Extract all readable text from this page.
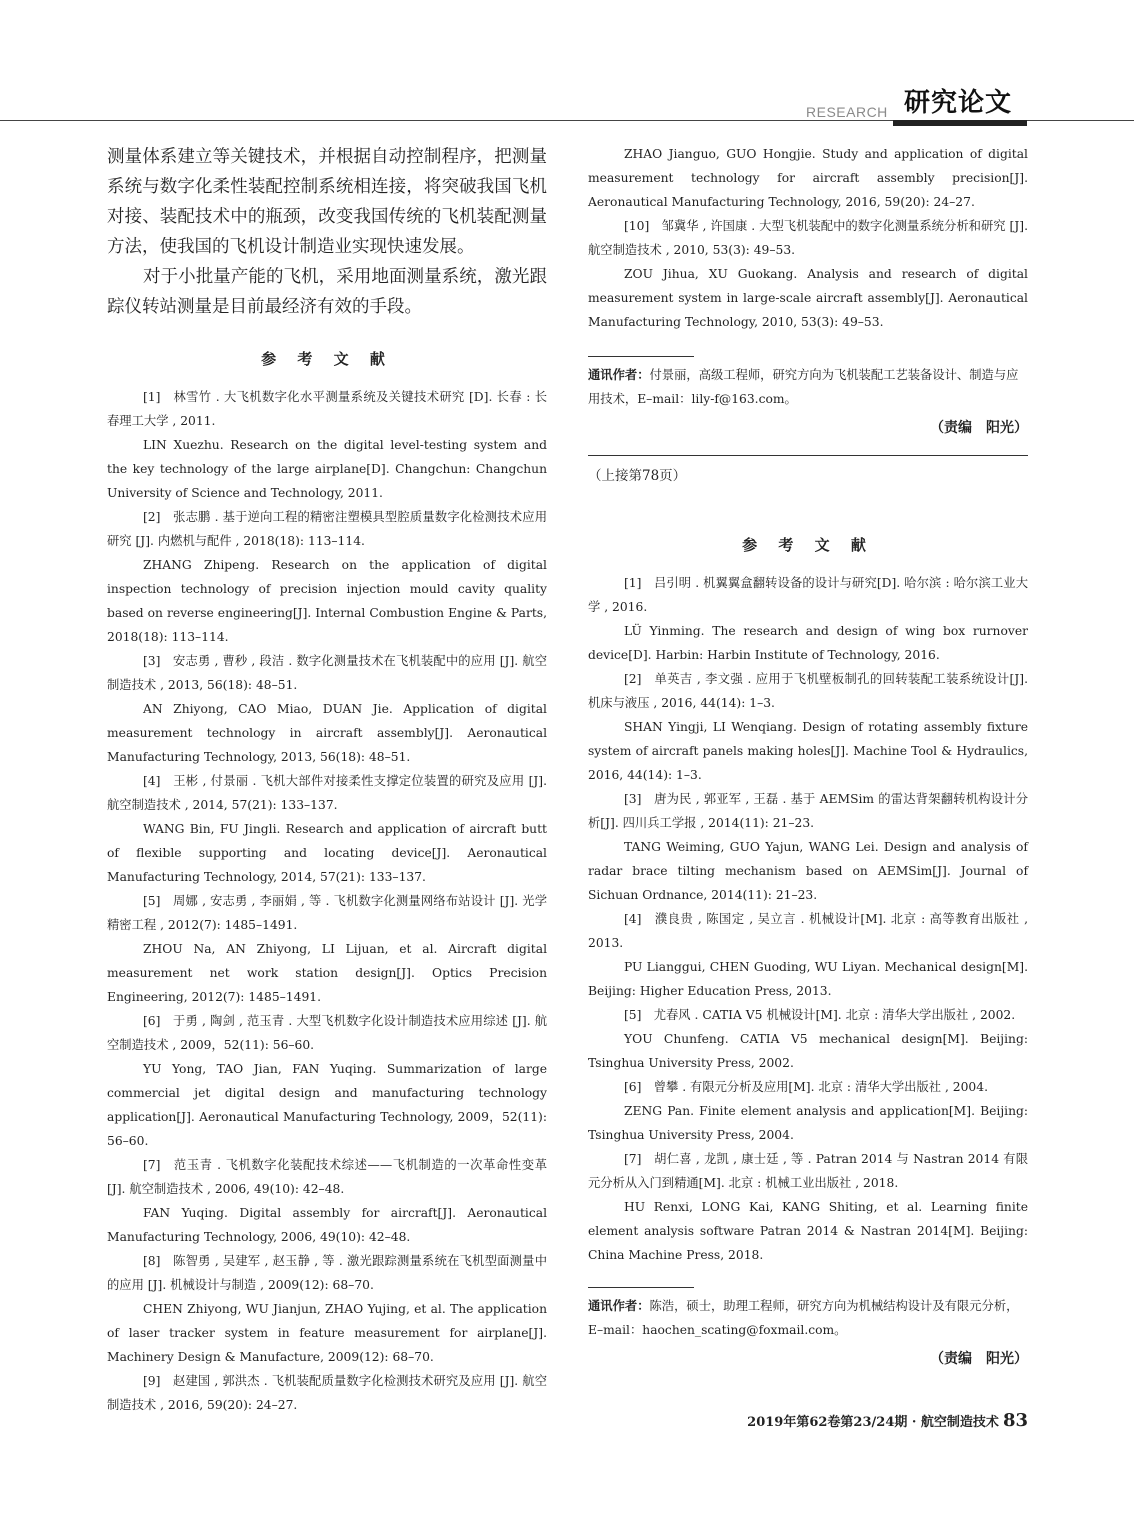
RESEARCH 研究论文

测量体系建立等关键技术，并根据自动控制程序，把测量系统与数字化柔性装配控制系统相连接，将突破我国飞机对接、装配技术中的瓶颈，改变我国传统的飞机装配测量方法，使我国的飞机设计制造业实现快速发展。

对于小批量产能的飞机，采用地面测量系统，激光跟踪仪转站测量是目前最经济有效的手段。

参 考 文 献

[1]　林雪竹 . 大飞机数字化水平测量系统及关键技术研究 [D]. 长春 : 长春理工大学 , 2011.

LIN Xuezhu. Research on the digital level-testing system and the key technology of the large airplane[D]. Changchun: Changchun University of Science and Technology, 2011.

[2]　张志鹏 . 基于逆向工程的精密注塑模具型腔质量数字化检测技术应用研究 [J]. 内燃机与配件 , 2018(18): 113–114.

ZHANG Zhipeng. Research on the application of digital inspection technology of precision injection mould cavity quality based on reverse engineering[J]. Internal Combustion Engine & Parts, 2018(18): 113–114.

[3]　安志勇 , 曹秒 , 段洁 . 数字化测量技术在飞机装配中的应用 [J]. 航空制造技术 , 2013, 56(18): 48–51.

AN Zhiyong, CAO Miao, DUAN Jie. Application of digital measurement technology in aircraft assembly[J]. Aeronautical Manufacturing Technology, 2013, 56(18): 48–51.

[4]　王彬 , 付景丽 . 飞机大部件对接柔性支撑定位装置的研究及应用 [J]. 航空制造技术 , 2014, 57(21): 133–137.

WANG Bin, FU Jingli. Research and application of aircraft butt of flexible supporting and locating device[J]. Aeronautical Manufacturing Technology, 2014, 57(21): 133–137.

[5]　周娜 , 安志勇 , 李丽娟 , 等 . 飞机数字化测量网络布站设计 [J]. 光学精密工程 , 2012(7): 1485–1491.

ZHOU Na, AN Zhiyong, LI Lijuan, et al. Aircraft digital measurement net work station design[J]. Optics Precision Engineering, 2012(7): 1485–1491.

[6]　于勇 , 陶剑 , 范玉青 . 大型飞机数字化设计制造技术应用综述 [J]. 航空制造技术 , 2009，52(11): 56–60.

YU Yong, TAO Jian, FAN Yuqing. Summarization of large commercial jet digital design and manufacturing technology application[J]. Aeronautical Manufacturing Technology, 2009，52(11): 56–60.

[7]　范玉青 . 飞机数字化装配技术综述——飞机制造的一次革命性变革 [J]. 航空制造技术 , 2006, 49(10): 42–48.

FAN Yuqing. Digital assembly for aircraft[J]. Aeronautical Manufacturing Technology, 2006, 49(10): 42–48.

[8]　陈智勇 , 吴建军 , 赵玉静 , 等 . 激光跟踪测量系统在飞机型面测量中的应用 [J]. 机械设计与制造 , 2009(12): 68–70.

CHEN Zhiyong, WU Jianjun, ZHAO Yujing, et al. The application of laser tracker system in feature measurement for airplane[J]. Machinery Design & Manufacture, 2009(12): 68–70.

[9]　赵建国 , 郭洪杰 . 飞机装配质量数字化检测技术研究及应用 [J]. 航空制造技术 , 2016, 59(20): 24–27.

ZHAO Jianguo, GUO Hongjie. Study and application of digital measurement technology for aircraft assembly precision[J]. Aeronautical Manufacturing Technology, 2016, 59(20): 24–27.

[10]　邹冀华 , 许国康 . 大型飞机装配中的数字化测量系统分析和研究 [J]. 航空制造技术 , 2010, 53(3): 49–53.

ZOU Jihua, XU Guokang. Analysis and research of digital measurement system in large-scale aircraft assembly[J]. Aeronautical Manufacturing Technology, 2010, 53(3): 49–53.

通讯作者：付景丽，高级工程师，研究方向为飞机装配工艺装备设计、制造与应用技术，E–mail：lily-f@163.com。

（责编　阳光）

（上接第78页）

参 考 文 献

[1]　吕引明 . 机翼翼盒翻转设备的设计与研究[D]. 哈尔滨 : 哈尔滨工业大学 , 2016.

LÜ Yinming. The research and design of wing box rurnover device[D]. Harbin: Harbin Institute of Technology, 2016.

[2]　单英吉 , 李文强 . 应用于飞机壁板制孔的回转装配工装系统设计[J]. 机床与液压 , 2016, 44(14): 1–3.

SHAN Yingji, LI Wenqiang. Design of rotating assembly fixture system of aircraft panels making holes[J]. Machine Tool & Hydraulics, 2016, 44(14): 1–3.

[3]　唐为民 , 郭亚军 , 王磊 . 基于 AEMSim 的雷达背架翻转机构设计分析[J]. 四川兵工学报 , 2014(11): 21–23.

TANG Weiming, GUO Yajun, WANG Lei. Design and analysis of radar brace tilting mechanism based on AEMSim[J]. Journal of Sichuan Ordnance, 2014(11): 21–23.

[4]　濮良贵 , 陈国定 , 吴立言 . 机械设计[M]. 北京 : 高等教育出版社 , 2013.

PU Lianggui, CHEN Guoding, WU Liyan. Mechanical design[M]. Beijing: Higher Education Press, 2013.

[5]　尤春风 . CATIA V5 机械设计[M]. 北京 : 清华大学出版社 , 2002.

YOU Chunfeng. CATIA V5 mechanical design[M]. Beijing: Tsinghua University Press, 2002.

[6]　曾攀 . 有限元分析及应用[M]. 北京 : 清华大学出版社 , 2004.

ZENG Pan. Finite element analysis and application[M]. Beijing: Tsinghua University Press, 2004.

[7]　胡仁喜 , 龙凯 , 康士廷 , 等 . Patran 2014 与 Nastran 2014 有限元分析从入门到精通[M]. 北京 : 机械工业出版社 , 2018.

HU Renxi, LONG Kai, KANG Shiting, et al. Learning finite element analysis software Patran 2014 & Nastran 2014[M]. Beijing: China Machine Press, 2018.

通讯作者：陈浩，硕士，助理工程师，研究方向为机械结构设计及有限元分析，E–mail：haochen_scating@foxmail.com。

（责编　阳光）

2019年第62卷第23/24期 · 航空制造技术 83
